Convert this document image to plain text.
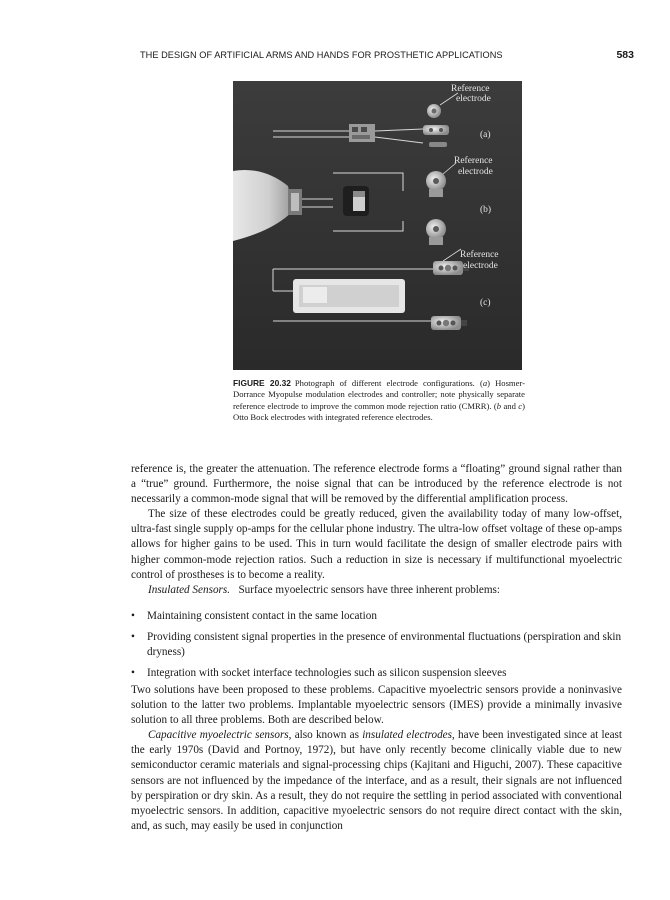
THE DESIGN OF ARTIFICIAL ARMS AND HANDS FOR PROSTHETIC APPLICATIONS	583
Reference
electrode
(a)
Reference
electrode
(b)
Reference
electrode
(c)
FIGURE 20.32 Photograph of different electrode configurations. (a) Hosmer-Dorrance Myopulse modulation electrodes and controller; note physically separate reference electrode to improve the common mode rejection ratio (CMRR). (b and c) Otto Bock electrodes with integrated reference electrodes.

reference is, the greater the attenuation. The reference electrode forms a “floating” ground signal rather than a “true” ground. Furthermore, the noise signal that can be introduced by the reference electrode is not necessarily a common-mode signal that will be removed by the differential amplification process.

The size of these electrodes could be greatly reduced, given the availability today of many low-offset, ultra-fast single supply op-amps for the cellular phone industry. The ultra-low offset voltage of these op-amps allows for higher gains to be used. This in turn would facilitate the design of smaller electrode pairs with higher common-mode rejection ratios. Such a reduction in size is necessary if multifunctional myoelectric control of prostheses is to become a reality.

Insulated Sensors. Surface myoelectric sensors have three inherent problems:

•	Maintaining consistent contact in the same location
•	Providing consistent signal properties in the presence of environmental fluctuations (perspiration and skin dryness)
•	Integration with socket interface technologies such as silicon suspension sleeves

Two solutions have been proposed to these problems. Capacitive myoelectric sensors provide a noninvasive solution to the latter two problems. Implantable myoelectric sensors (IMES) provide a minimally invasive solution to all three problems. Both are described below.

Capacitive myoelectric sensors, also known as insulated electrodes, have been investigated since at least the early 1970s (David and Portnoy, 1972), but have only recently become clinically viable due to new semiconductor ceramic materials and signal-processing chips (Kajitani and Higuchi, 2007). These capacitive sensors are not influenced by the impedance of the interface, and as a result, their signals are not influenced by perspiration or dry skin. As a result, they do not require the settling in period associated with conventional myoelectric sensors. In addition, capacitive myoelectric sensors do not require direct contact with the skin, and, as such, may easily be used in conjunction
